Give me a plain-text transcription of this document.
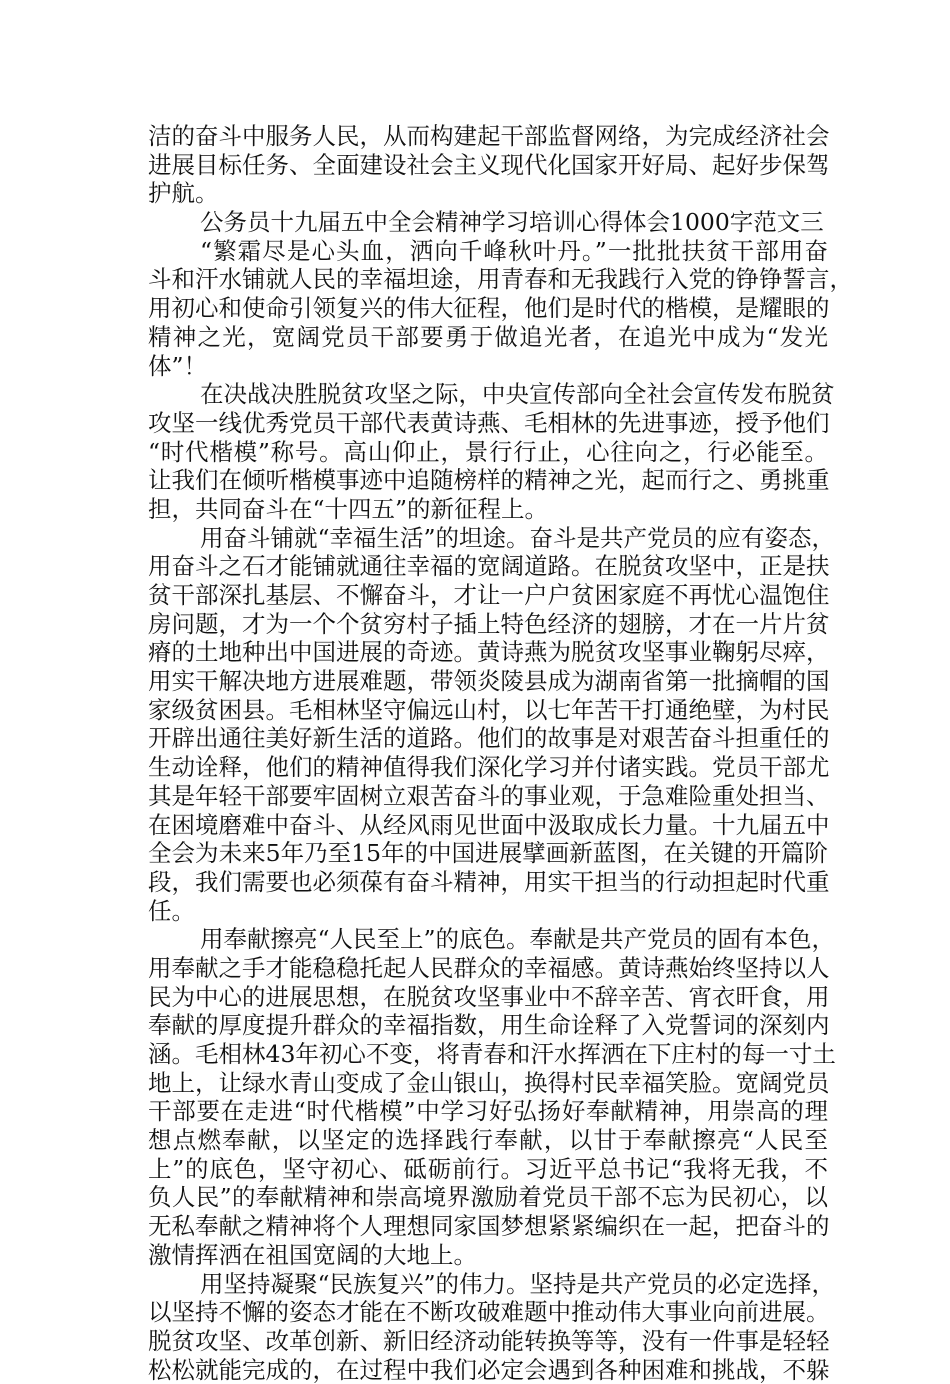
洁的奋斗中服务人民，从而构建起干部监督网络，为完成经济社会
进展目标任务、全面建设社会主义现代化国家开好局、起好步保驾
护航。
公务员十九届五中全会精神学习培训心得体会1000字范文三
“繁霜尽是心头血，洒向千峰秋叶丹。”一批批扶贫干部用奋
斗和汗水铺就人民的幸福坦途，用青春和无我践行入党的铮铮誓言，
用初心和使命引领复兴的伟大征程，他们是时代的楷模，是耀眼的
精神之光，宽阔党员干部要勇于做追光者，在追光中成为“发光
体”！
在决战决胜脱贫攻坚之际，中央宣传部向全社会宣传发布脱贫
攻坚一线优秀党员干部代表黄诗燕、毛相林的先进事迹，授予他们
“时代楷模”称号。高山仰止，景行行止，心往向之，行必能至。
让我们在倾听楷模事迹中追随榜样的精神之光，起而行之、勇挑重
担，共同奋斗在“十四五”的新征程上。
用奋斗铺就“幸福生活”的坦途。奋斗是共产党员的应有姿态，
用奋斗之石才能铺就通往幸福的宽阔道路。在脱贫攻坚中，正是扶
贫干部深扎基层、不懈奋斗，才让一户户贫困家庭不再忧心温饱住
房问题，才为一个个贫穷村子插上特色经济的翅膀，才在一片片贫
瘠的土地种出中国进展的奇迹。黄诗燕为脱贫攻坚事业鞠躬尽瘁，
用实干解决地方进展难题，带领炎陵县成为湖南省第一批摘帽的国
家级贫困县。毛相林坚守偏远山村，以七年苦干打通绝壁，为村民
开辟出通往美好新生活的道路。他们的故事是对艰苦奋斗担重任的
生动诠释，他们的精神值得我们深化学习并付诸实践。党员干部尤
其是年轻干部要牢固树立艰苦奋斗的事业观，于急难险重处担当、
在困境磨难中奋斗、从经风雨见世面中汲取成长力量。十九届五中
全会为未来5年乃至15年的中国进展擘画新蓝图，在关键的开篇阶
段，我们需要也必须葆有奋斗精神，用实干担当的行动担起时代重
任。
用奉献擦亮“人民至上”的底色。奉献是共产党员的固有本色，
用奉献之手才能稳稳托起人民群众的幸福感。黄诗燕始终坚持以人
民为中心的进展思想，在脱贫攻坚事业中不辞辛苦、宵衣旰食，用
奉献的厚度提升群众的幸福指数，用生命诠释了入党誓词的深刻内
涵。毛相林43年初心不变，将青春和汗水挥洒在下庄村的每一寸土
地上，让绿水青山变成了金山银山，换得村民幸福笑脸。宽阔党员
干部要在走进“时代楷模”中学习好弘扬好奉献精神，用崇高的理
想点燃奉献，以坚定的选择践行奉献，以甘于奉献擦亮“人民至
上”的底色，坚守初心、砥砺前行。习近平总书记“我将无我，不
负人民”的奉献精神和崇高境界激励着党员干部不忘为民初心，以
无私奉献之精神将个人理想同家国梦想紧紧编织在一起，把奋斗的
激情挥洒在祖国宽阔的大地上。
用坚持凝聚“民族复兴”的伟力。坚持是共产党员的必定选择，
以坚持不懈的姿态才能在不断攻破难题中推动伟大事业向前进展。
脱贫攻坚、改革创新、新旧经济动能转换等等，没有一件事是轻轻
松松就能完成的，在过程中我们必定会遇到各种困难和挑战，不躲
